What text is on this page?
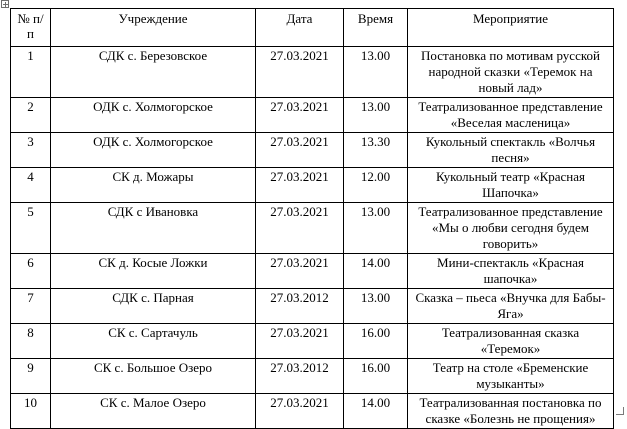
№ п/п	Учреждение	Дата	Время	Мероприятие
1	СДК с. Березовское	27.03.2021	13.00	Постановка по мотивам русской народной сказки «Теремок на новый лад»
2	ОДК с. Холмогорское	27.03.2021	13.00	Театрализованное представление «Веселая масленица»
3	ОДК с. Холмогорское	27.03.2021	13.30	Кукольный спектакль «Волчья песня»
4	СК д. Можары	27.03.2021	12.00	Кукольный театр «Красная Шапочка»
5	СДК с Ивановка	27.03.2021	13.00	Театрализованное представление «Мы о любви сегодня будем говорить»
6	СК д. Косые Ложки	27.03.2021	14.00	Мини-спектакль «Красная шапочка»
7	СДК с. Парная	27.03.2012	13.00	Сказка – пьеса «Внучка для Бабы-Яга»
8	СК с. Сартачуль	27.03.2021	16.00	Театрализованная сказка «Теремок»
9	СК с. Большое Озеро	27.03.2012	16.00	Театр на столе «Бременские музыканты»
10	СК с. Малое Озеро	27.03.2021	14.00	Театрализованная постановка по сказке «Болезнь не прощения»
